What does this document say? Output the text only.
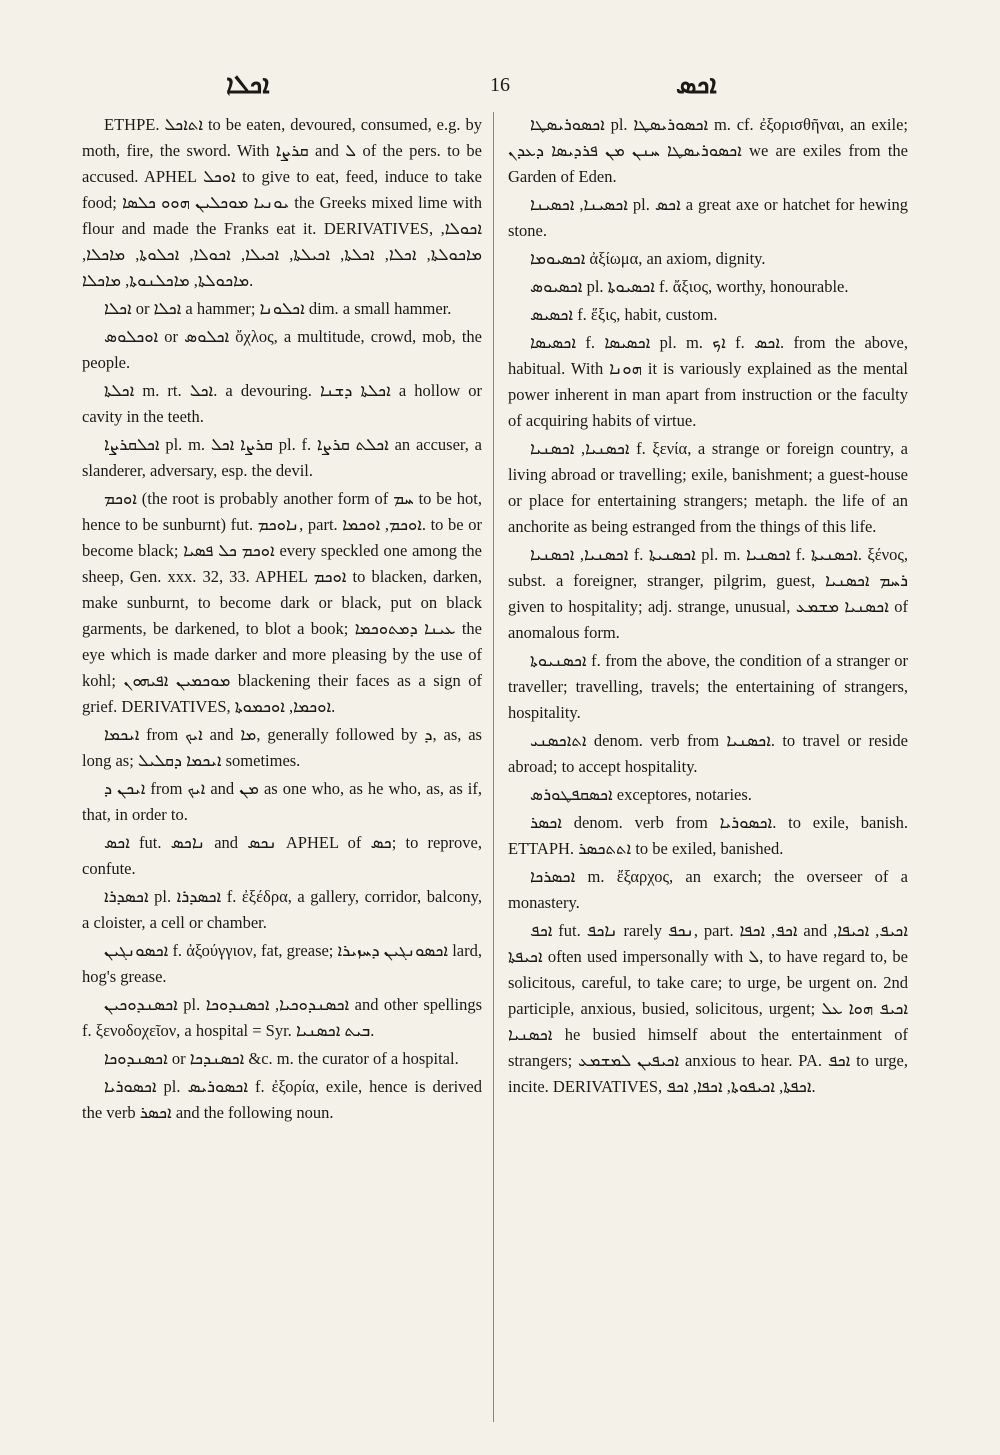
ܐܟܠܐ	16	ܐܟܣ

ETHPE. ܐܬܐܟܠ to be eaten, devoured, consumed, e.g. by moth, fire, the sword. With ܩܪܨܐ and ܠ of the pers. to be accused. APHEL ܐܘܟܠ to give to eat, feed, induce to take food; ܝܘܢܝܐ ܡܘܟܠܝܢ ܗܘܘ ܟܠܣܐ the Greeks mixed lime with flour and made the Franks eat it. DERIVATIVES, ܐܟܘܠܐ, ܡܐܟܘܠܬܐ, ܐܟܠܐ, ܐܟܠܬܐ, ܐܟܝܠܬܐ, ܐܟܝܠܐ, ܐܟܘܠܐ, ܐܟܠܘܬܐ, ܡܐܟܠܐ, ܡܐܟܘܠܬܐ, ܡܐܟܠܢܘܬܐ, ܡܐܟܠܐ.

ܐܟܠܐ or ܐܟܠܐ a hammer; ܐܟܠܘܢܐ dim. a small hammer.

ܐܘܟܠܘܣ or ܐܟܠܘܣ ὄχλος, a multitude, crowd, mob, the people.

ܐܟܠܬܐ m. rt. ܐܟܠ. a devouring. ܐܟܠܬܐ ܕܫܢܐ a hollow or cavity in the teeth.

ܐܟܠܩܪܨܐ pl. m. ܩܪܨܐ ܐܟܠ pl. f. ܐܟܠܬ ܩܪܨܐ an accuser, a slanderer, adversary, esp. the devil.

ܐܘܟܡ (the root is probably another form of ܚܡ to be hot, hence to be sunburnt) fut. ܢܐܘܟܡ, part. ܐܘܟܡ, ܐܘܟܡܐ. to be or become black; ܐܘܟܡ ܟܠ ܦܣܝܐ every speckled one among the sheep, Gen. xxx. 32, 33. APHEL ܐܘܟܡ to blacken, darken, make sunburnt, to become dark or black, put on black garments, be darkened, to blot a book; ܥܝܢܐ ܕܡܬܘܟܡܐ the eye which is made darker and more pleasing by the use of kohl; ܡܘܟܡܝܢ ܐܦܝܗܘܢ blackening their faces as a sign of grief. DERIVATIVES, ܐܘܟܡܐ, ܐܘܟܡܘܬܐ.

ܐܝܟܡܐ from ܐܝܟ and ܡܐ, generally followed by ܕ, as, as long as; ܐܝܟܡܐ ܕܩܠܝܠ sometimes.

ܐܝܟܢ ܕ from ܐܝܟ and ܡܢ as one who, as he who, as, as if, that, in order to.

ܐܟܣ fut. ܢܐܟܣ and ܢܟܣ APHEL of ܟܣ; to reprove, confute.

ܐܟܣܕܪܐ pl. ܐܟܣܕܪܐ f. ἐξέδρα, a gallery, corridor, balcony, a cloister, a cell or chamber.

ܐܟܣܘܢܓܝܢ f. ἀξούγγιον, fat, grease; ܐܟܣܘܢܓܝܢ ܕܚܙܝܪܐ lard, hog's grease.

ܐܟܣܢܕܘܟܝܢ pl. ܐܟܣܢܕܘܟܝܐ, ܐܟܣܢܕܘܟܐ and other spellings f. ξενοδοχεῖον, a hospital = Syr. ܒܝܬ ܐܟܣܢܝܐ.

ܐܟܣܢܕܘܟܐ or ܐܟܣܢܕܟܐ &c. m. the curator of a hospital.

ܐܟܣܘܪܝܐ pl. ܐܟܣܘܪܝܣ f. ἐξορία, exile, hence is derived the verb ܐܟܣܪ and the following noun.

ܐܟܣܘܪܝܣܛܐ pl. ܐܟܣܘܪܝܣܛܐ m. cf. ἐξορισθῆναι, an exile; ܐܟܣܘܪܝܣܛܐ ܚܢܢ ܡܢ ܦܪܕܝܣܐ ܕܥܕܢ we are exiles from the Garden of Eden.

ܐܟܣܝܢܐ, ܐܟܣܝܢܐ pl. ܐܟܣ a great axe or hatchet for hewing stone.

ܐܟܣܝܘܡܐ ἀξίωμα, an axiom, dignity.

ܐܟܣܝܘܣ pl. ܐܟܣܝܘܬܐ f. ἄξιος, worthy, honourable.

ܐܟܣܝܣ f. ἕξις, habit, custom.

ܐܟܣܝܣܐ f. ܐܟܣܝܣܐ pl. m. ܐܟ f. ܐܟܣ. from the above, habitual. With ܗܘܢܐ it is variously explained as the mental power inherent in man apart from instruction or the faculty of acquiring habits of virtue.

ܐܟܣܢܝܐ, ܐܟܣܢܝܐ f. ξενία, a strange or foreign country, a living abroad or travelling; exile, banishment; a guest-house or place for entertaining strangers; metaph. the life of an anchorite as being estranged from the things of this life.

ܐܟܣܢܝܐ, ܐܟܣܢܝܐ f. ܐܟܣܢܝܬܐ pl. m. ܐܟܣܢܝܐ f. ܐܟܣܢܝܬܐ. ξένος, subst. a foreigner, stranger, pilgrim, guest, ܪܚܡ ܐܟܣܢܝܐ given to hospitality; adj. strange, unusual, ܐܟܣܢܝܐ ܡܫܡܥ of anomalous form.

ܐܟܣܢܝܘܬܐ f. from the above, the condition of a stranger or traveller; travelling, travels; the entertaining of strangers, hospitality.

ܐܬܐܟܣܢܝ denom. verb from ܐܟܣܢܝܐ. to travel or reside abroad; to accept hospitality.

ܐܟܣܩܦܛܘܪܣ exceptores, notaries.

ܐܟܣܪ denom. verb from ܐܟܣܘܪܝܐ. to exile, banish. ETTAPH. ܐܬܬܟܣܪ to be exiled, banished.

ܐܟܣܪܟܐ m. ἔξαρχος, an exarch; the overseer of a monastery.

ܐܟܦ fut. ܢܐܟܦ rarely ܢܟܦ, part. ܐܟܦ, ܐܟܦܐ and ܐܟܝܦ, ܐܟܝܦܐ, ܐܟܝܦܬܐ often used impersonally with ܠ, to have regard to, be solicitous, careful, to take care; to urge, be urgent on. 2nd participle, anxious, busied, solicitous, urgent; ܐܟܝܦ ܗܘܐ ܥܠ ܐܟܣܢܝܐ he busied himself about the entertainment of strangers; ܐܟܝܦܝܢ ܠܡܫܡܥ anxious to hear. PA. ܐܟܦ to urge, incite. DERIVATIVES, ܐܟܦܬܐ, ܐܟܝܦܘܬܐ, ܐܟܦܐ, ܐܟܦ.
